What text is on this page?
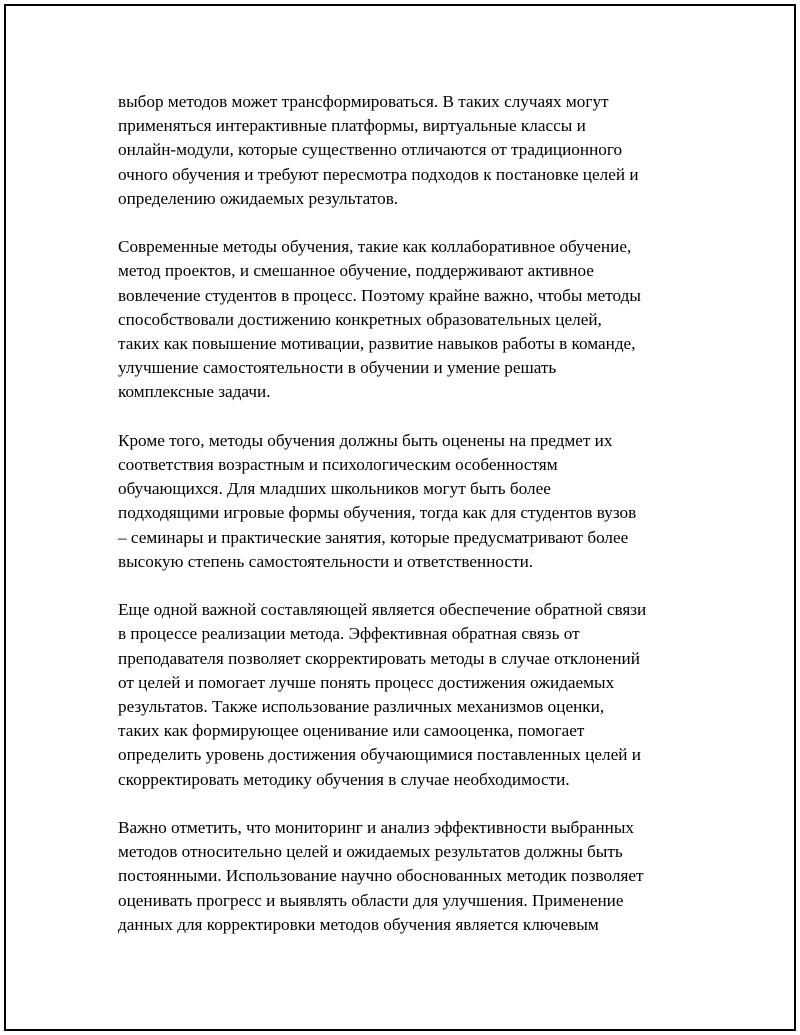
выбор методов может трансформироваться. В таких случаях могут
применяться интерактивные платформы, виртуальные классы и
онлайн-модули, которые существенно отличаются от традиционного
очного обучения и требуют пересмотра подходов к постановке целей и
определению ожидаемых результатов.

Современные методы обучения, такие как коллаборативное обучение,
метод проектов, и смешанное обучение, поддерживают активное
вовлечение студентов в процесс. Поэтому крайне важно, чтобы методы
способствовали достижению конкретных образовательных целей,
таких как повышение мотивации, развитие навыков работы в команде,
улучшение самостоятельности в обучении и умение решать
комплексные задачи.

Кроме того, методы обучения должны быть оценены на предмет их
соответствия возрастным и психологическим особенностям
обучающихся. Для младших школьников могут быть более
подходящими игровые формы обучения, тогда как для студентов вузов
– семинары и практические занятия, которые предусматривают более
высокую степень самостоятельности и ответственности.

Еще одной важной составляющей является обеспечение обратной связи
в процессе реализации метода. Эффективная обратная связь от
преподавателя позволяет скорректировать методы в случае отклонений
от целей и помогает лучше понять процесс достижения ожидаемых
результатов. Также использование различных механизмов оценки,
таких как формирующее оценивание или самооценка, помогает
определить уровень достижения обучающимися поставленных целей и
скорректировать методику обучения в случае необходимости.

Важно отметить, что мониторинг и анализ эффективности выбранных
методов относительно целей и ожидаемых результатов должны быть
постоянными. Использование научно обоснованных методик позволяет
оценивать прогресс и выявлять области для улучшения. Применение
данных для корректировки методов обучения является ключевым
